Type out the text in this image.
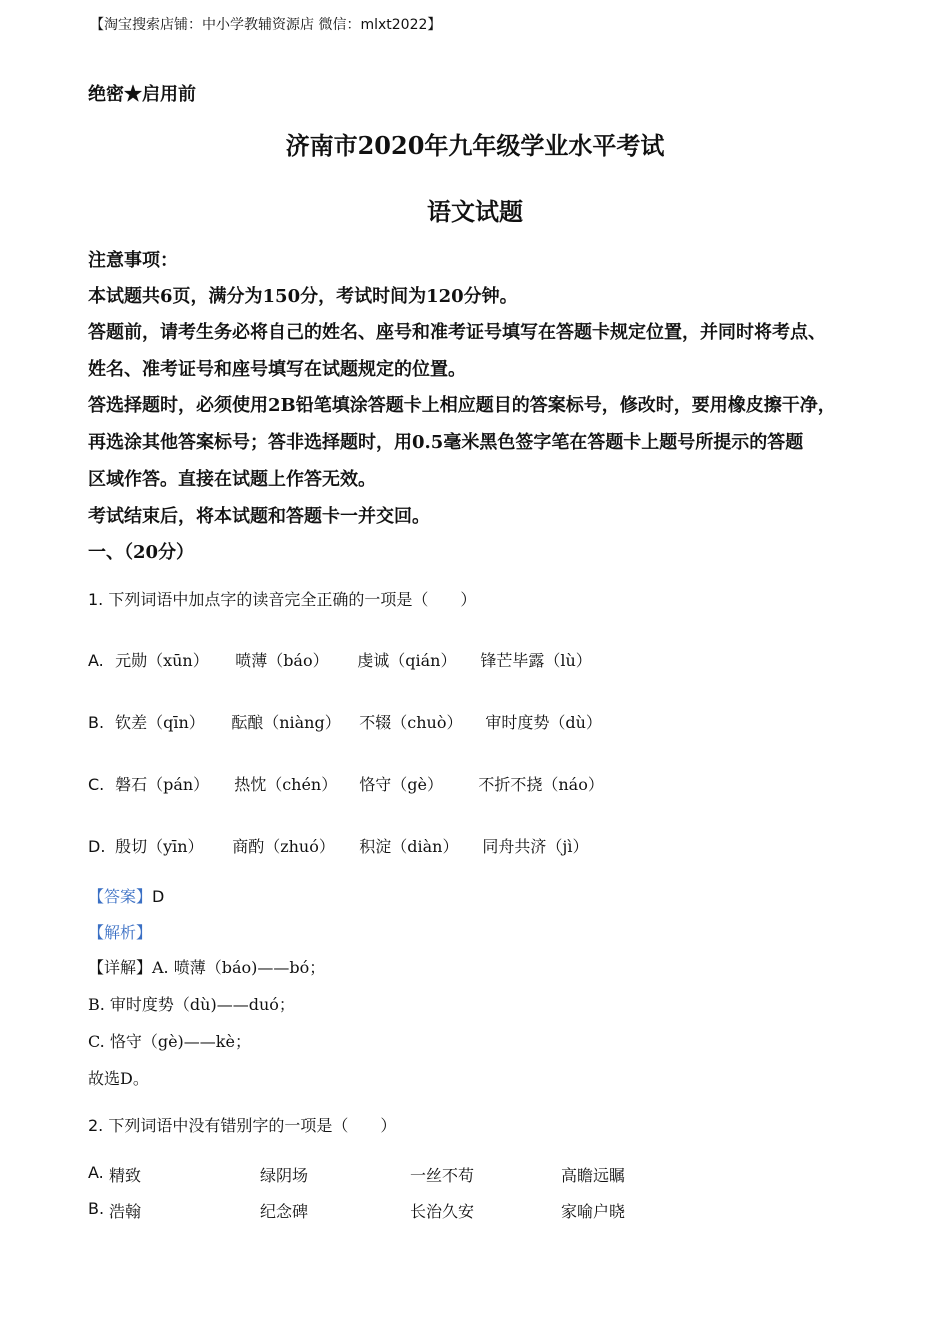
【淘宝搜索店铺：中小学教辅资源店 微信：mlxt2022】
绝密★启用前
济南市2020年九年级学业水平考试
语文试题
注意事项：
本试题共6页，满分为150分，考试时间为120分钟。
答题前，请考生务必将自己的姓名、座号和准考证号填写在答题卡规定位置，并同时将考点、
姓名、准考证号和座号填写在试题规定的位置。
答选择题时，必须使用2B铅笔填涂答题卡上相应题目的答案标号，修改时，要用橡皮擦干净，
再选涂其他答案标号；答非选择题时，用0.5毫米黑色签字笔在答题卡上题号所提示的答题
区域作答。直接在试题上作答无效。
考试结束后，将本试题和答题卡一并交回。
一、（20分）
1. 下列词语中加点字的读音完全正确的一项是（　　）
A. 元勋（xūn） 喷薄（báo） 虔诚（qián） 锋芒毕露（lù）
B. 钦差（qīn） 酝酿（niàng） 不辍（chuò） 审时度势（dù）
C. 磐石（pán） 热忱（chén） 恪守（gè） 不折不挠（náo）
D. 殷切（yīn） 商酌（zhuó） 积淀（diàn） 同舟共济（jì）
【答案】D
【解析】
【详解】A. 喷薄（báo)——bó；
B. 审时度势（dù)——duó；
C. 恪守（gè)——kè；
故选D。
2. 下列词语中没有错别字的一项是（　　）
A. 精致	绿阴场	一丝不苟	高瞻远瞩
B. 浩翰	纪念碑	长治久安	家喻户晓
